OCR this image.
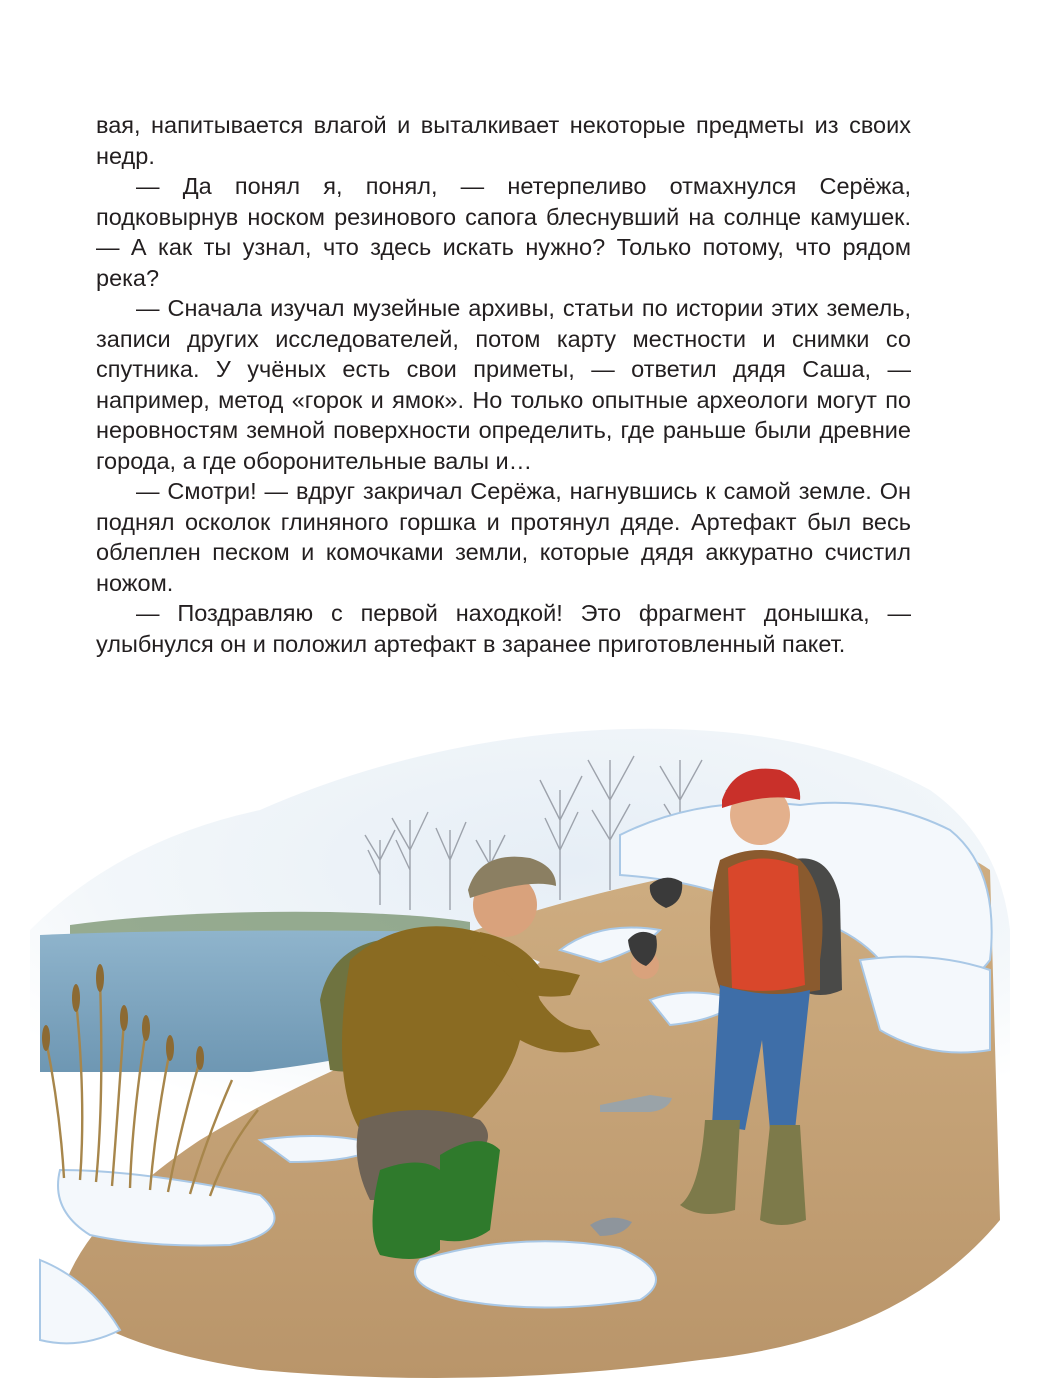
вая, напитывается влагой и выталкивает некоторые предметы из своих недр.

— Да понял я, понял, — нетерпеливо отмахнулся Серёжа, подковырнув носком резинового сапога блеснувший на солнце камушек. — А как ты узнал, что здесь искать нужно? Только потому, что рядом река?

— Сначала изучал музейные архивы, статьи по истории этих земель, записи других исследователей, потом карту местности и снимки со спутника. У учёных есть свои приметы, — ответил дядя Саша, — например, метод «горок и ямок». Но только опытные археологи могут по неровностям земной поверхности определить, где раньше были древние города, а где оборонительные валы и…

— Смотри! — вдруг закричал Серёжа, нагнувшись к самой земле. Он поднял осколок глиняного горшка и протянул дяде. Артефакт был весь облеплен песком и комочками земли, которые дядя аккуратно счистил ножом.

— Поздравляю с первой находкой! Это фрагмент донышка, — улыбнулся он и положил артефакт в заранее приготовленный пакет.
